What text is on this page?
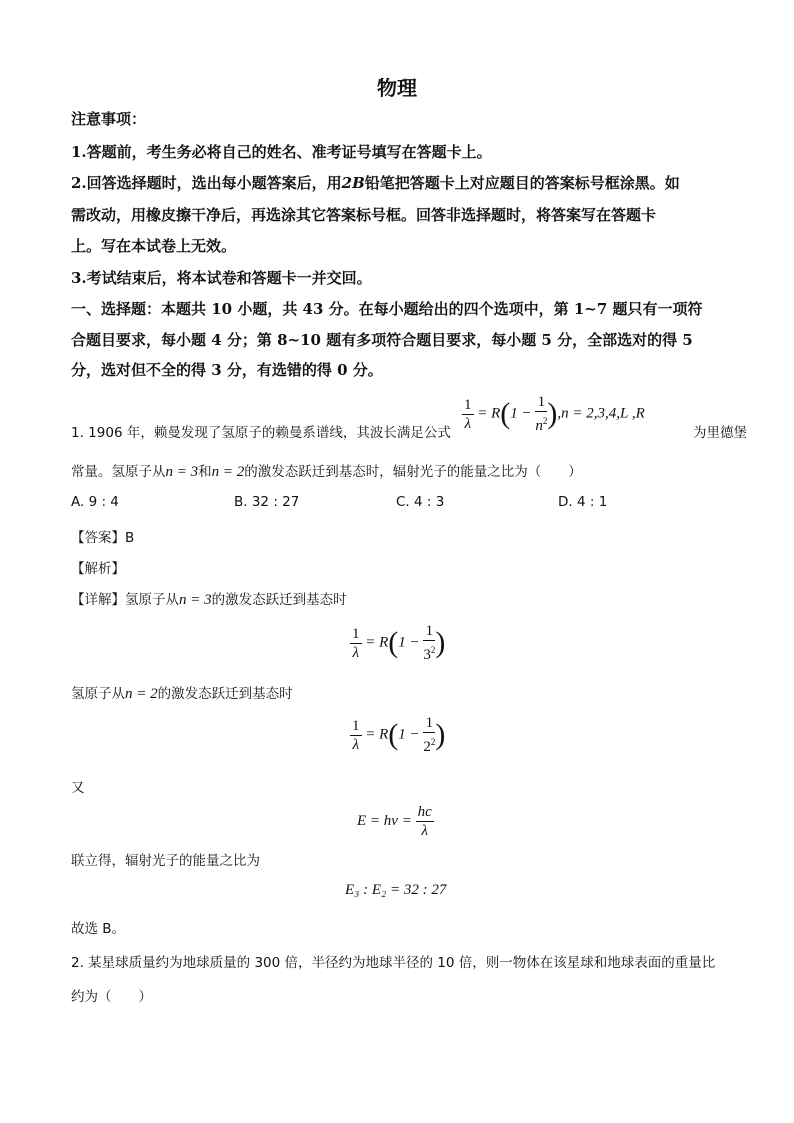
物理
注意事项：
1.答题前，考生务必将自己的姓名、准考证号填写在答题卡上。
2.回答选择题时，选出每小题答案后，用2B铅笔把答题卡上对应题目的答案标号框涂黑。如
需改动，用橡皮擦干净后，再选涂其它答案标号框。回答非选择题时，将答案写在答题卡
上。写在本试卷上无效。
3.考试结束后，将本试卷和答题卡一并交回。
一、选择题：本题共 10 小题，共 43 分。在每小题给出的四个选项中，第 1~7 题只有一项符
合题目要求，每小题 4 分；第 8~10 题有多项符合题目要求，每小题 5 分，全部选对的得 5
分，选对但不全的得 3 分，有选错的得 0 分。
1. 1906 年，赖曼发现了氢原子的赖曼系谱线，其波长满足公式
$\frac{1}{\lambda} = R(1 - \frac{1}{n^2} ),n = 2,3,4,L$ ,R
为里德堡
常量。氢原子从n = 3和n = 2的激发态跃迁到基态时，辐射光子的能量之比为（　　）
A. 9 : 4	B. 32 : 27	C. 4 : 3	D. 4 : 1
【答案】B
【解析】
【详解】氢原子从n = 3的激发态跃迁到基态时
$\frac{1}{\lambda} = R(1 - \frac{1}{3^2}$ )
氢原子从n = 2的激发态跃迁到基态时
$\frac{1}{\lambda} = R(1 - \frac{1}{2^2}$ )
又
$E = h\nu = \frac{hc}{\lambda}$
联立得，辐射光子的能量之比为
E₃ : E₂ = 32 : 27
故选 B。
2. 某星球质量约为地球质量的 300 倍，半径约为地球半径的 10 倍，则一物体在该星球和地球表面的重量比
约为（　　）
